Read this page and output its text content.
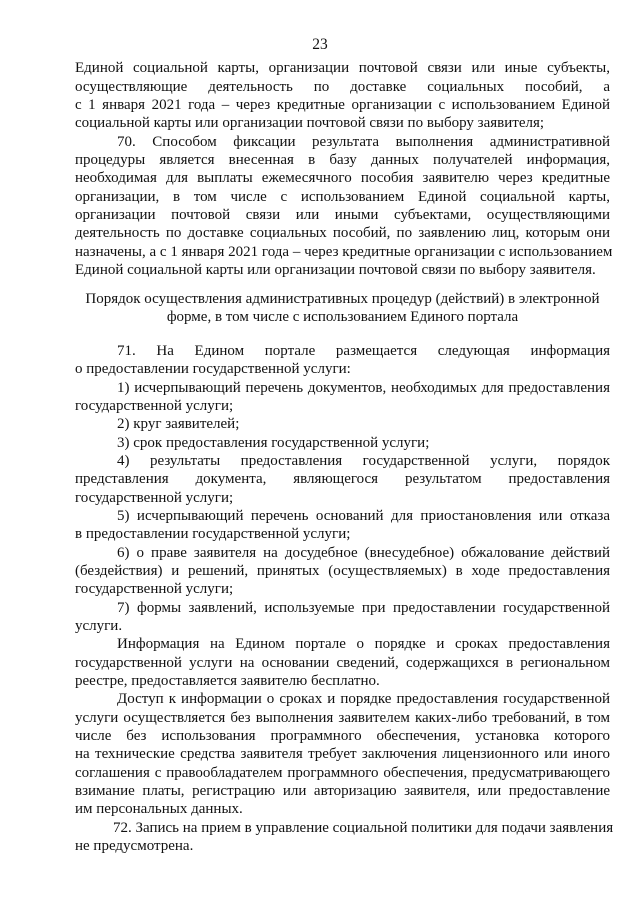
23
Единой социальной карты, организации почтовой связи или иные субъекты,
осуществляющие деятельность по доставке социальных пособий, а
с 1 января 2021 года – через кредитные организации с использованием Единой
социальной карты или организации почтовой связи по выбору заявителя;
70. Способом фиксации результата выполнения административной
процедуры является внесенная в базу данных получателей информация,
необходимая для выплаты ежемесячного пособия заявителю через кредитные
организации, в том числе с использованием Единой социальной карты,
организации почтовой связи или иными субъектами, осуществляющими
деятельность по доставке социальных пособий, по заявлению лиц, которым они
назначены, а с 1 января 2021 года – через кредитные организации с использованием
Единой социальной карты или организации почтовой связи по выбору заявителя.
Порядок осуществления административных процедур (действий) в электронной
форме, в том числе с использованием Единого портала
71. На Едином портале размещается следующая информация
о предоставлении государственной услуги:
1) исчерпывающий перечень документов, необходимых для предоставления
государственной услуги;
2) круг заявителей;
3) срок предоставления государственной услуги;
4) результаты предоставления государственной услуги, порядок
представления документа, являющегося результатом предоставления
государственной услуги;
5) исчерпывающий перечень оснований для приостановления или отказа
в предоставлении государственной услуги;
6) о праве заявителя на досудебное (внесудебное) обжалование действий
(бездействия) и решений, принятых (осуществляемых) в ходе предоставления
государственной услуги;
7) формы заявлений, используемые при предоставлении государственной
услуги.
Информация на Едином портале о порядке и сроках предоставления
государственной услуги на основании сведений, содержащихся в региональном
реестре, предоставляется заявителю бесплатно.
Доступ к информации о сроках и порядке предоставления государственной
услуги осуществляется без выполнения заявителем каких-либо требований, в том
числе без использования программного обеспечения, установка которого
на технические средства заявителя требует заключения лицензионного или иного
соглашения с правообладателем программного обеспечения, предусматривающего
взимание платы, регистрацию или авторизацию заявителя, или предоставление
им персональных данных.
72. Запись на прием в управление социальной политики для подачи заявления
не предусмотрена.
